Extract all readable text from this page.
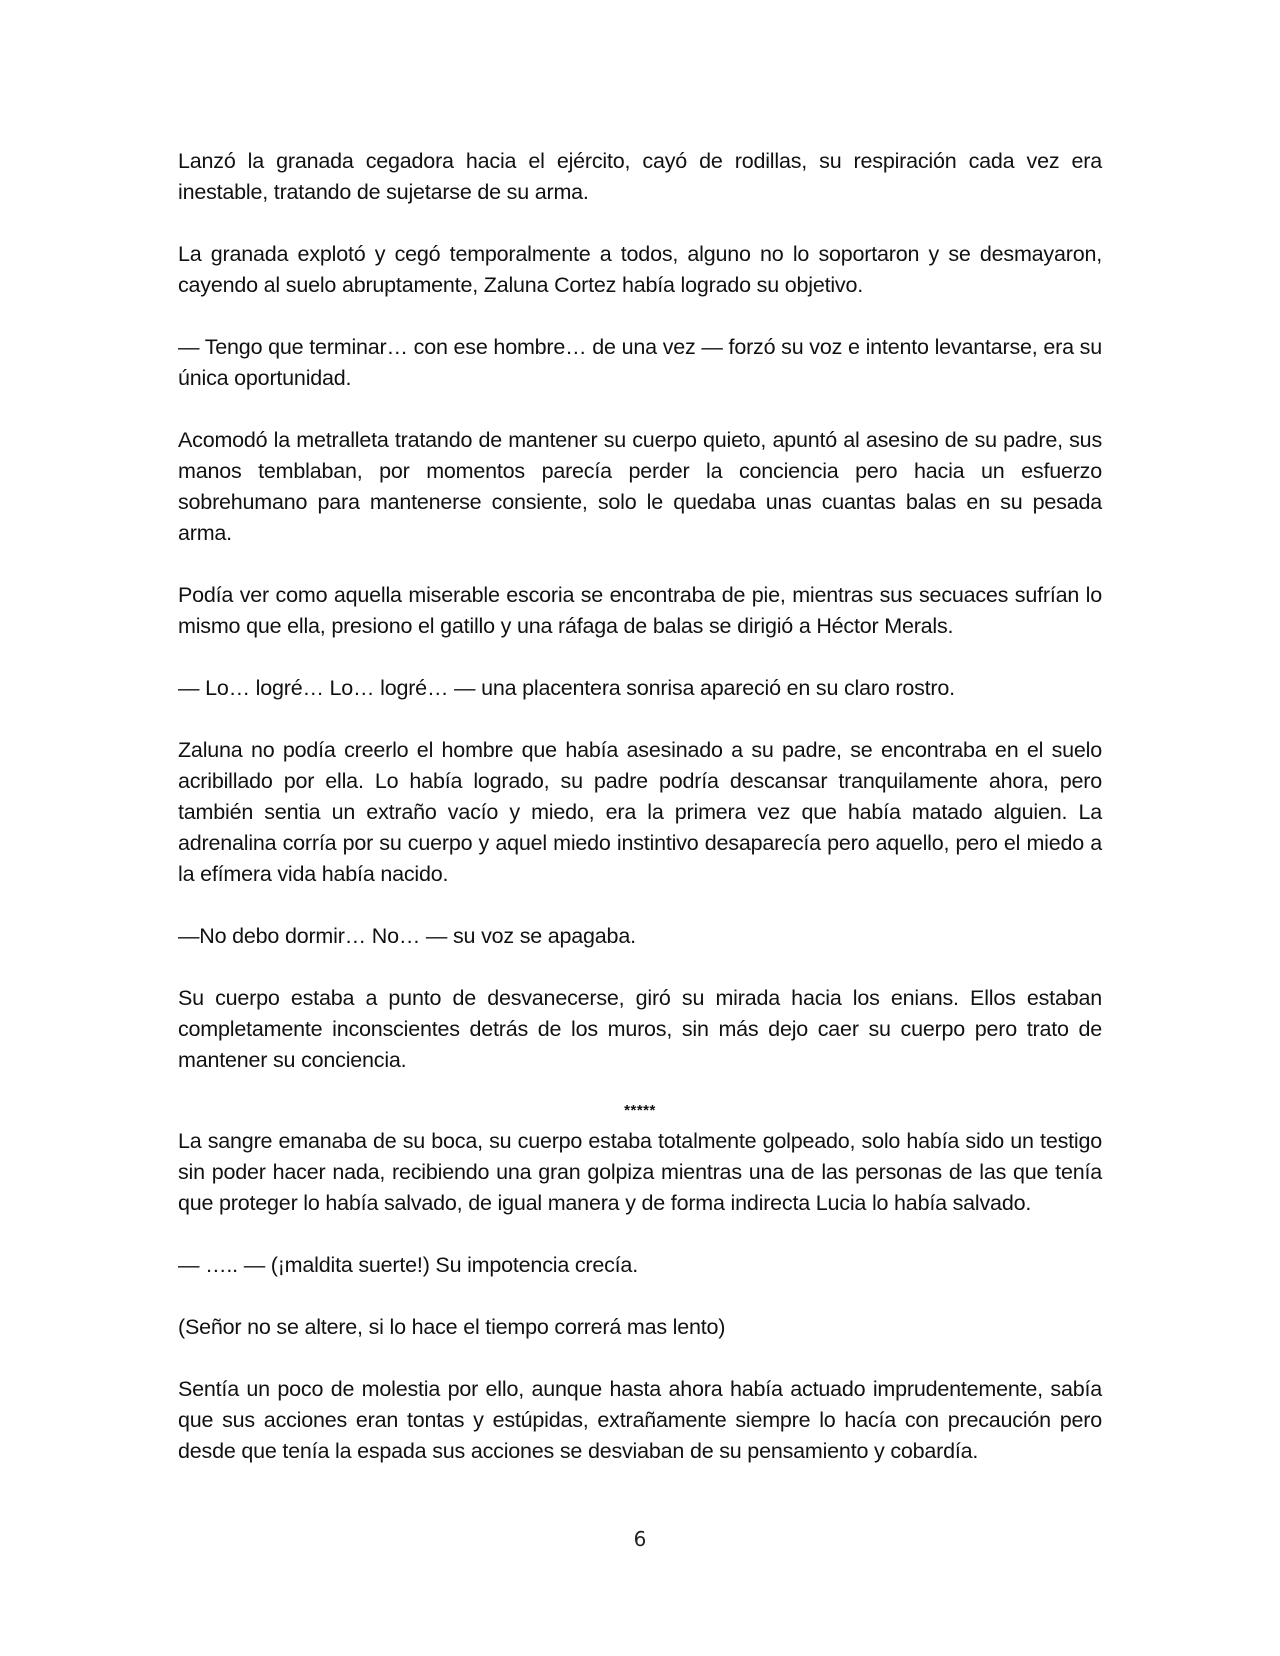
Lanzó la granada cegadora hacia el ejército, cayó de rodillas, su respiración cada vez era inestable, tratando de sujetarse de su arma.

La granada explotó y cegó temporalmente a todos, alguno no lo soportaron y se desmayaron, cayendo al suelo abruptamente, Zaluna Cortez había logrado su objetivo.

— Tengo que terminar… con ese hombre… de una vez — forzó su voz e intento levantarse, era su única oportunidad.

Acomodó la metralleta tratando de mantener su cuerpo quieto, apuntó al asesino de su padre, sus manos temblaban, por momentos parecía perder la conciencia pero hacia un esfuerzo sobrehumano para mantenerse consiente, solo le quedaba unas cuantas balas en su pesada arma.

Podía ver como aquella miserable escoria se encontraba de pie, mientras sus secuaces sufrían lo mismo que ella, presiono el gatillo y una ráfaga de balas se dirigió a Héctor Merals.

— Lo… logré… Lo… logré… — una placentera sonrisa apareció en su claro rostro.

Zaluna no podía creerlo el hombre que había asesinado a su padre, se encontraba en el suelo acribillado por ella. Lo había logrado, su padre podría descansar tranquilamente ahora, pero también sentia un extraño vacío y miedo, era la primera vez que había matado alguien. La adrenalina corría por su cuerpo y aquel miedo instintivo desaparecía pero aquello, pero el miedo a la efímera vida había nacido.

—No debo dormir… No… — su voz se apagaba.

Su cuerpo estaba a punto de desvanecerse, giró su mirada hacia los enians. Ellos estaban completamente inconscientes detrás de los muros, sin más dejo caer su cuerpo pero trato de mantener su conciencia.

*****

La sangre emanaba de su boca, su cuerpo estaba totalmente golpeado, solo había sido un testigo sin poder hacer nada, recibiendo una gran golpiza mientras una de las personas de las que tenía que proteger lo había salvado, de igual manera y de forma indirecta Lucia lo había salvado.

— ….. — (¡maldita suerte!) Su impotencia crecía.

(Señor no se altere, si lo hace el tiempo correrá mas lento)

Sentía un poco de molestia por ello, aunque hasta ahora había actuado imprudentemente, sabía que sus acciones eran tontas y estúpidas, extrañamente siempre lo hacía con precaución pero desde que tenía la espada sus acciones se desviaban de su pensamiento y cobardía.

6
